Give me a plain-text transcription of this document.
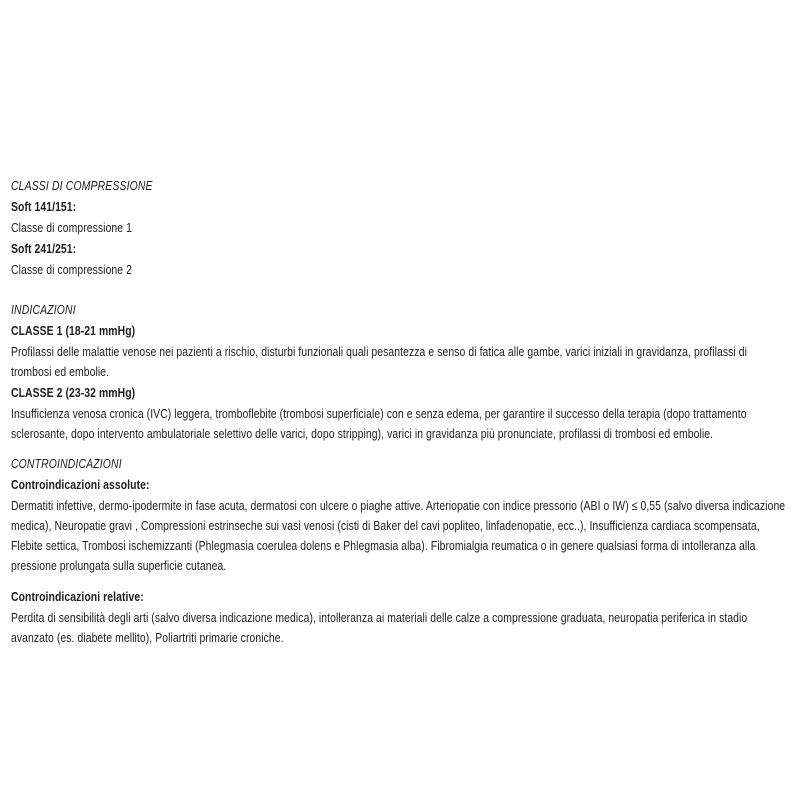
CLASSI DI COMPRESSIONE

Soft 141/151:

Classe di compressione 1

Soft 241/251:

Classe di compressione 2

INDICAZIONI
CLASSE 1 (18-21 mmHg)

Profilassi delle malattie venose nei pazienti a rischio, disturbi funzionali quali pesantezza e senso di fatica alle gambe, varici iniziali in gravidanza, profilassi di trombosi ed embolie.

CLASSE 2 (23-32 mmHg)

Insufficienza venosa cronica (IVC) leggera, tromboflebite (trombosi superficiale) con e senza edema, per garantire il successo della terapia (dopo trattamento sclerosante, dopo intervento ambulatoriale selettivo delle varici, dopo stripping), varici in gravidanza più pronunciate, profilassi di trombosi ed embolie.

CONTROINDICAZIONI
Controindicazioni assolute:

Dermatiti infettive, dermo-ipodermite in fase acuta, dermatosi con ulcere o piaghe attive. Arteriopatie con indice pressorio (ABI o IW) ≤ 0,55 (salvo diversa indicazione medica), Neuropatie gravi , Compressioni estrinseche sui vasi venosi (cisti di Baker del cavi popliteo, linfadenopatie, ecc..), Insufficienza cardiaca scompensata, Flebite settica, Trombosi ischemizzanti (Phlegmasia coerulea dolens e Phlegmasia alba). Fibromialgia reumatica o in genere qualsiasi forma di intolleranza alla pressione prolungata sulla superficie cutanea.

Controindicazioni relative:

Perdita di sensibilità degli arti (salvo diversa indicazione medica), intolleranza ai materiali delle calze a compressione graduata, neuropatia periferica in stadio avanzato (es. diabete mellito), Poliartriti primarie croniche.
